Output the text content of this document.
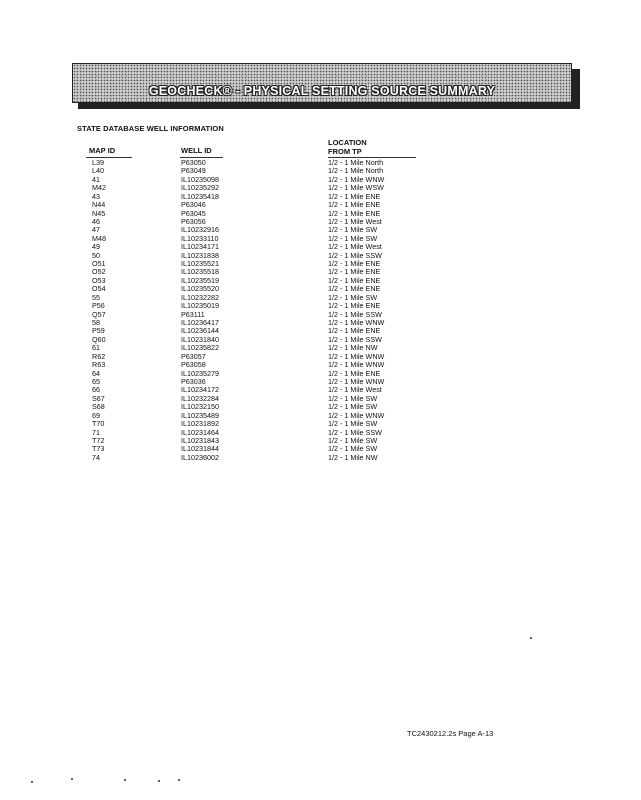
GEOCHECK® - PHYSICAL SETTING SOURCE SUMMARY
STATE DATABASE WELL INFORMATION
MAP ID	WELL ID
LOCATION
FROM TP
L39	P63050	1/2 - 1 Mile North
L40	P63049	1/2 - 1 Mile North
41	IL10235098	1/2 - 1 Mile WNW
M42	IL10235292	1/2 - 1 Mile WSW
43	IL10235418	1/2 - 1 Mile ENE
N44	P63046	1/2 - 1 Mile ENE
N45	P63045	1/2 - 1 Mile ENE
46	P63056	1/2 - 1 Mile West
47	IL10232916	1/2 - 1 Mile SW
M48	IL10233110	1/2 - 1 Mile SW
49	IL10234171	1/2 - 1 Mile West
50	IL10231838	1/2 - 1 Mile SSW
O51	IL10235521	1/2 - 1 Mile ENE
O52	IL10235518	1/2 - 1 Mile ENE
O53	IL10235519	1/2 - 1 Mile ENE
O54	IL10235520	1/2 - 1 Mile ENE
55	IL10232282	1/2 - 1 Mile SW
P56	IL10235019	1/2 - 1 Mile ENE
Q57	P63111	1/2 - 1 Mile SSW
58	IL10236417	1/2 - 1 Mile WNW
P59	IL10236144	1/2 - 1 Mile ENE
Q60	IL10231840	1/2 - 1 Mile SSW
61	IL10235822	1/2 - 1 Mile NW
R62	P63057	1/2 - 1 Mile WNW
R63	P63058	1/2 - 1 Mile WNW
64	IL10235279	1/2 - 1 Mile ENE
65	P63036	1/2 - 1 Mile WNW
66	IL10234172	1/2 - 1 Mile West
S67	IL10232284	1/2 - 1 Mile SW
S68	IL10232150	1/2 - 1 Mile SW
69	IL10235489	1/2 - 1 Mile WNW
T70	IL10231892	1/2 - 1 Mile SW
71	IL10231464	1/2 - 1 Mile SSW
T72	IL10231843	1/2 - 1 Mile SW
T73	IL10231844	1/2 - 1 Mile SW
74	IL10236002	1/2 - 1 Mile NW
TC2430212.2s Page A-13
